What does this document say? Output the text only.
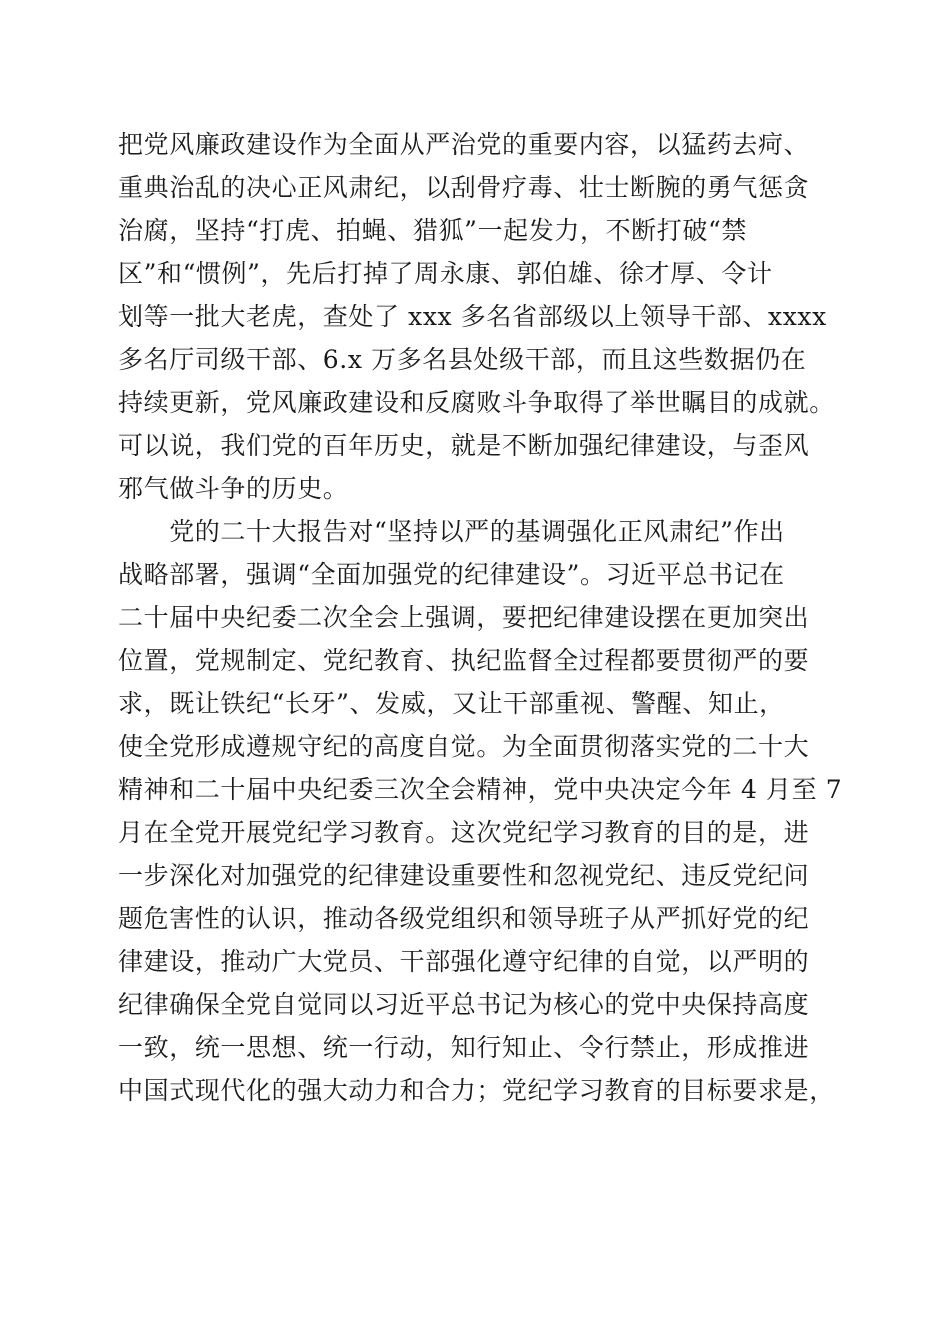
把党风廉政建设作为全面从严治党的重要内容，以猛药去疴、
重典治乱的决心正风肃纪，以刮骨疗毒、壮士断腕的勇气惩贪
治腐，坚持“打虎、拍蝇、猎狐”一起发力，不断打破“禁
区”和“惯例”，先后打掉了周永康、郭伯雄、徐才厚、令计
划等一批大老虎，查处了 xxx 多名省部级以上领导干部、xxxx
多名厅司级干部、6.x 万多名县处级干部，而且这些数据仍在
持续更新，党风廉政建设和反腐败斗争取得了举世瞩目的成就。
可以说，我们党的百年历史，就是不断加强纪律建设，与歪风
邪气做斗争的历史。
　　党的二十大报告对“坚持以严的基调强化正风肃纪”作出
战略部署，强调“全面加强党的纪律建设”。习近平总书记在
二十届中央纪委二次全会上强调，要把纪律建设摆在更加突出
位置，党规制定、党纪教育、执纪监督全过程都要贯彻严的要
求，既让铁纪“长牙”、发威，又让干部重视、警醒、知止，
使全党形成遵规守纪的高度自觉。为全面贯彻落实党的二十大
精神和二十届中央纪委三次全会精神，党中央决定今年 4 月至 7
月在全党开展党纪学习教育。这次党纪学习教育的目的是，进
一步深化对加强党的纪律建设重要性和忽视党纪、违反党纪问
题危害性的认识，推动各级党组织和领导班子从严抓好党的纪
律建设，推动广大党员、干部强化遵守纪律的自觉，以严明的
纪律确保全党自觉同以习近平总书记为核心的党中央保持高度
一致，统一思想、统一行动，知行知止、令行禁止，形成推进
中国式现代化的强大动力和合力；党纪学习教育的目标要求是，
